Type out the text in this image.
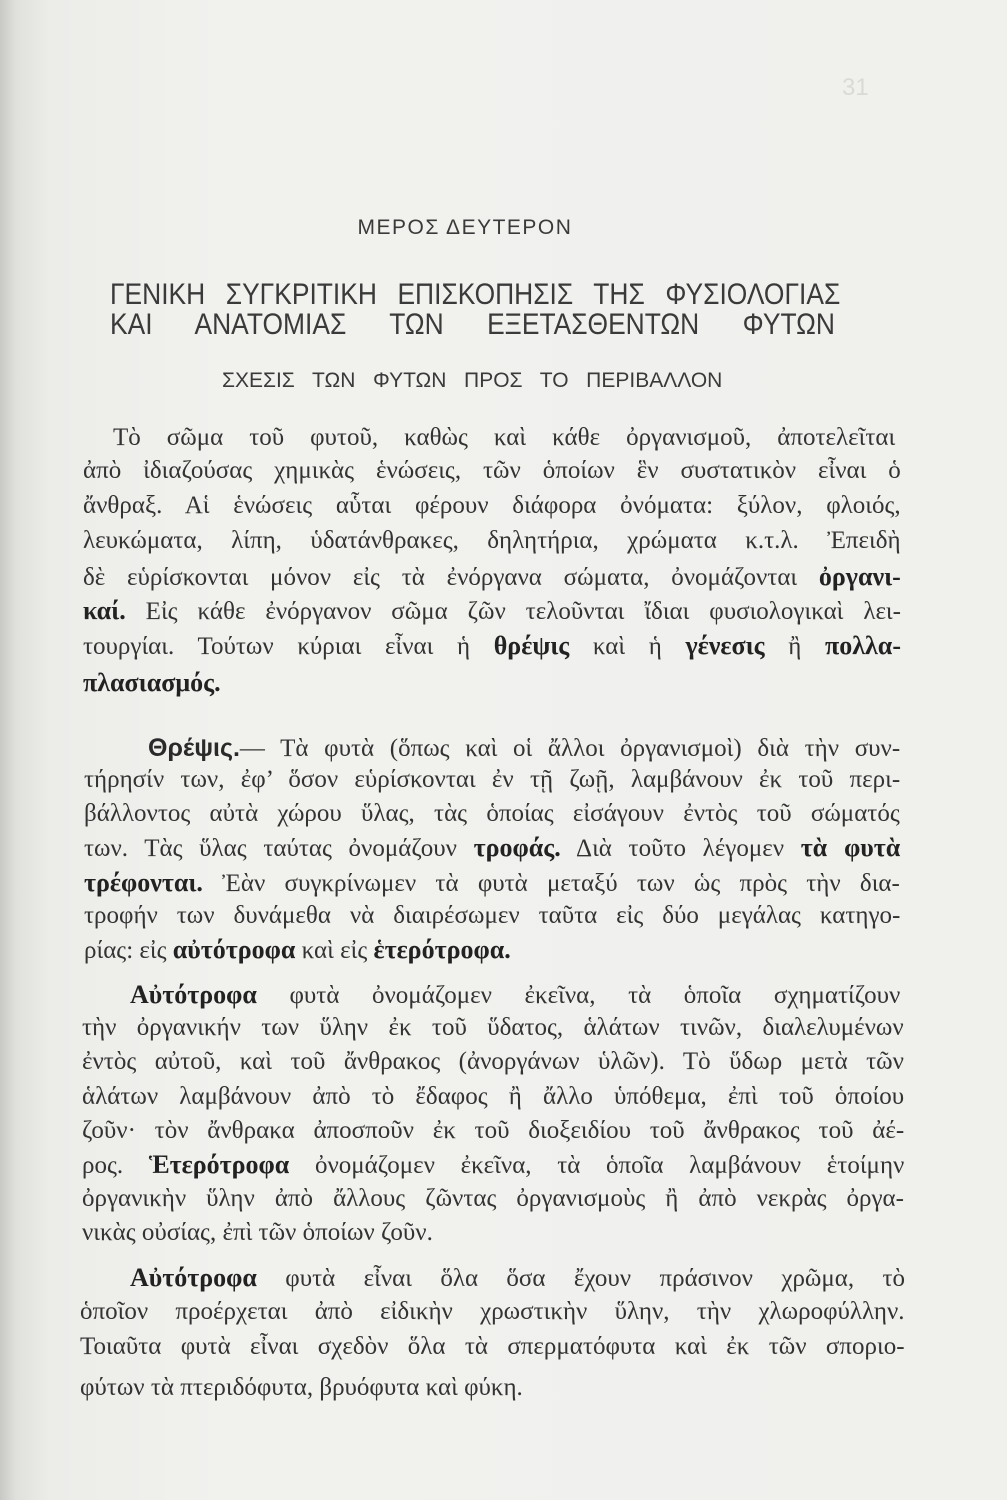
31
ΜΕΡΟΣ ΔΕΥΤΕΡΟΝ
ΓΕΝΙΚΗ ΣΥΓΚΡΙΤΙΚΗ ΕΠΙΣΚΟΠΗΣΙΣ ΤΗΣ ΦΥΣΙΟΛΟΓΙΑΣ
ΚΑΙ ΑΝΑΤΟΜΙΑΣ ΤΩΝ ΕΞΕΤΑΣΘΕΝΤΩΝ ΦΥΤΩΝ
ΣΧΕΣΙΣ ΤΩΝ ΦΥΤΩΝ ΠΡΟΣ ΤΟ ΠΕΡΙΒΑΛΛΟΝ
Τὸ σῶμα τοῦ φυτοῦ, καθὼς καὶ κάθε ὀργανισμοῦ, ἀποτελεῖται
ἀπὸ ἰδιαζούσας χημικὰς ἑνώσεις, τῶν ὁποίων ἓν συστατικὸν εἶναι ὁ
ἄνθραξ. Αἱ ἑνώσεις αὗται φέρουν διάφορα ὀνόματα: ξύλον, φλοιός,
λευκώματα, λίπη, ὑδατάνθρακες, δηλητήρια, χρώματα κ.τ.λ. Ἐπειδὴ
δὲ εὑρίσκονται μόνον εἰς τὰ ἐνόργανα σώματα, ὀνομάζονται ὀργανι-
καί. Εἰς κάθε ἐνόργανον σῶμα ζῶν τελοῦνται ἴδιαι φυσιολογικαὶ λει-
τουργίαι. Τούτων κύριαι εἶναι ἡ θρέψις καὶ ἡ γένεσις ἢ πολλα-
πλασιασμός.
Θρέψις.— Τὰ φυτὰ (ὅπως καὶ οἱ ἄλλοι ὀργανισμοὶ) διὰ τὴν συν-
τήρησίν των, ἐφ’ ὅσον εὑρίσκονται ἐν τῇ ζωῇ, λαμβάνουν ἐκ τοῦ περι-
βάλλοντος αὐτὰ χώρου ὕλας, τὰς ὁποίας εἰσάγουν ἐντὸς τοῦ σώματός
των. Τὰς ὕλας ταύτας ὀνομάζουν τροφάς. Διὰ τοῦτο λέγομεν τὰ φυτὰ
τρέφονται. Ἐὰν συγκρίνωμεν τὰ φυτὰ μεταξύ των ὡς πρὸς τὴν δια-
τροφήν των δυνάμεθα νὰ διαιρέσωμεν ταῦτα εἰς δύο μεγάλας κατηγο-
ρίας: εἰς αὐτότροφα καὶ εἰς ἑτερότροφα.
Αὐτότροφα φυτὰ ὀνομάζομεν ἐκεῖνα, τὰ ὁποῖα σχηματίζουν
τὴν ὀργανικήν των ὕλην ἐκ τοῦ ὕδατος, ἁλάτων τινῶν, διαλελυμένων
ἐντὸς αὐτοῦ, καὶ τοῦ ἄνθρακος (ἀνοργάνων ὑλῶν). Τὸ ὕδωρ μετὰ τῶν
ἁλάτων λαμβάνουν ἀπὸ τὸ ἔδαφος ἢ ἄλλο ὑπόθεμα, ἐπὶ τοῦ ὁποίου
ζοῦν· τὸν ἄνθρακα ἀποσποῦν ἐκ τοῦ διοξειδίου τοῦ ἄνθρακος τοῦ ἀέ-
ρος. Ἑτερότροφα ὀνομάζομεν ἐκεῖνα, τὰ ὁποῖα λαμβάνουν ἑτοίμην
ὀργανικὴν ὕλην ἀπὸ ἄλλους ζῶντας ὀργανισμοὺς ἢ ἀπὸ νεκρὰς ὀργα-
νικὰς οὐσίας, ἐπὶ τῶν ὁποίων ζοῦν.
Αὐτότροφα φυτὰ εἶναι ὅλα ὅσα ἔχουν πράσινον χρῶμα, τὸ
ὁποῖον προέρχεται ἀπὸ εἰδικὴν χρωστικὴν ὕλην, τὴν χλωροφύλλην.
Τοιαῦτα φυτὰ εἶναι σχεδὸν ὅλα τὰ σπερματόφυτα καὶ ἐκ τῶν σποριο-
φύτων τὰ πτεριδόφυτα, βρυόφυτα καὶ φύκη.
